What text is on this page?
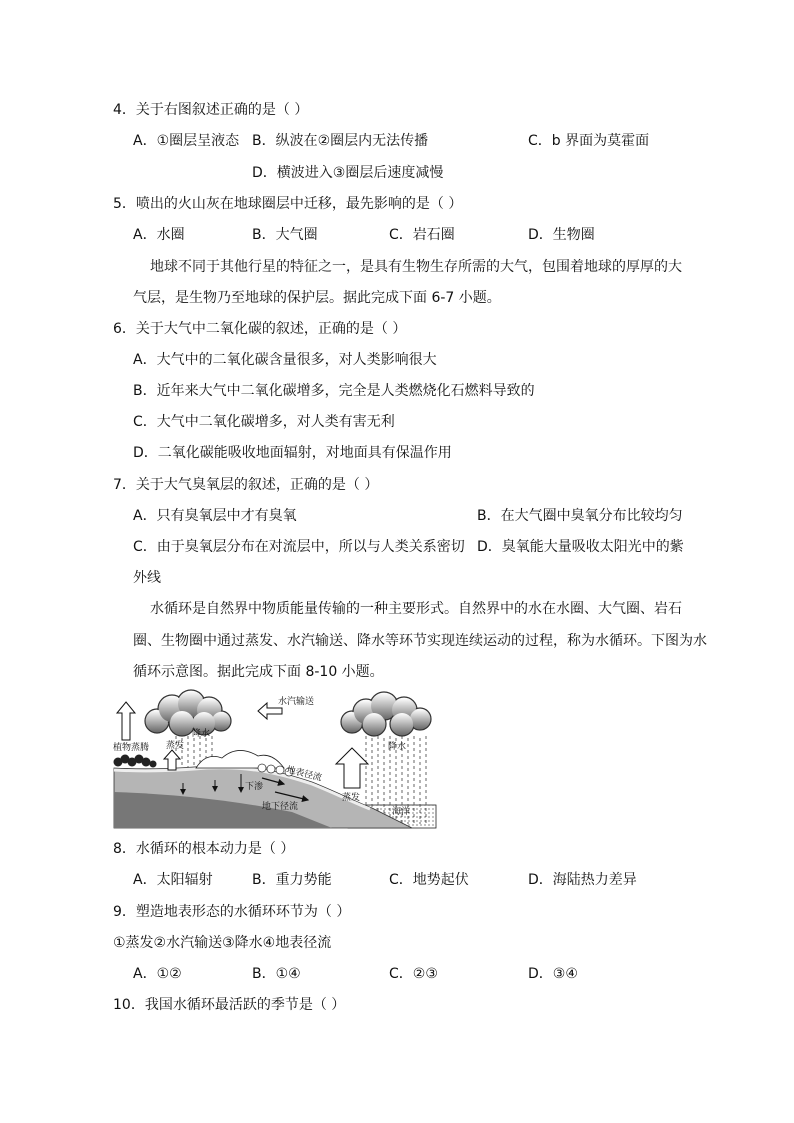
4．关于右图叙述正确的是（ ）
A．①圈层呈液态 B．纵波在②圈层内无法传播	C．b 界面为莫霍面
D．横波进入③圈层后速度减慢
5．喷出的火山灰在地球圈层中迁移，最先影响的是（ ）
A．水圈	B．大气圈	C．岩石圈	D．生物圈
地球不同于其他行星的特征之一，是具有生物生存所需的大气，包围着地球的厚厚的大
气层，是生物乃至地球的保护层。据此完成下面 6-7 小题。
6．关于大气中二氧化碳的叙述，正确的是（ ）
A．大气中的二氧化碳含量很多，对人类影响很大
B．近年来大气中二氧化碳增多，完全是人类燃烧化石燃料导致的
C．大气中二氧化碳增多，对人类有害无利
D．二氧化碳能吸收地面辐射，对地面具有保温作用
7．关于大气臭氧层的叙述，正确的是（ ）
A．只有臭氧层中才有臭氧	B．在大气圈中臭氧分布比较均匀
C．由于臭氧层分布在对流层中，所以与人类关系密切 D．臭氧能大量吸收太阳光中的紫
外线
水循环是自然界中物质能量传输的一种主要形式。自然界中的水在水圈、大气圈、岩石
圈、生物圈中通过蒸发、水汽输送、降水等环节实现连续运动的过程，称为水循环。下图为水
循环示意图。据此完成下面 8-10 小题。
植物蒸腾 蒸发
降水
水汽输送
降水
地表径流
下渗
地下径流
蒸发
海洋
8．水循环的根本动力是（ ）
A．太阳辐射	B．重力势能	C．地势起伏	D．海陆热力差异
9．塑造地表形态的水循环环节为（ ）
①蒸发②水汽输送③降水④地表径流
A．①②	B．①④	C．②③	D．③④
10．我国水循环最活跃的季节是（ ）
